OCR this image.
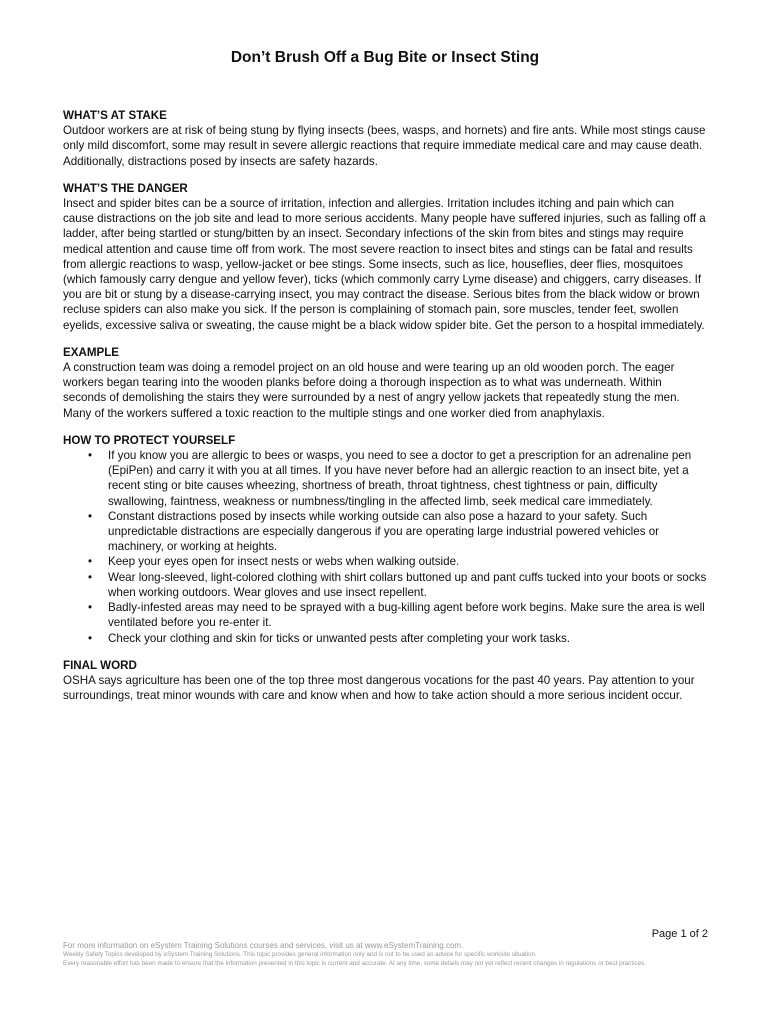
Don’t Brush Off a Bug Bite or Insect Sting
WHAT’S AT STAKE

Outdoor workers are at risk of being stung by flying insects (bees, wasps, and hornets) and fire ants. While most stings cause only mild discomfort, some may result in severe allergic reactions that require immediate medical care and may cause death. Additionally, distractions posed by insects are safety hazards.

WHAT’S THE DANGER

Insect and spider bites can be a source of irritation, infection and allergies. Irritation includes itching and pain which can cause distractions on the job site and lead to more serious accidents. Many people have suffered injuries, such as falling off a ladder, after being startled or stung/bitten by an insect. Secondary infections of the skin from bites and stings may require medical attention and cause time off from work. The most severe reaction to insect bites and stings can be fatal and results from allergic reactions to wasp, yellow-jacket or bee stings. Some insects, such as lice, houseflies, deer flies, mosquitoes (which famously carry dengue and yellow fever), ticks (which commonly carry Lyme disease) and chiggers, carry diseases. If you are bit or stung by a disease-carrying insect, you may contract the disease. Serious bites from the black widow or brown recluse spiders can also make you sick. If the person is complaining of stomach pain, sore muscles, tender feet, swollen eyelids, excessive saliva or sweating, the cause might be a black widow spider bite. Get the person to a hospital immediately.

EXAMPLE

A construction team was doing a remodel project on an old house and were tearing up an old wooden porch. The eager workers began tearing into the wooden planks before doing a thorough inspection as to what was underneath. Within seconds of demolishing the stairs they were surrounded by a nest of angry yellow jackets that repeatedly stung the men. Many of the workers suffered a toxic reaction to the multiple stings and one worker died from anaphylaxis.

HOW TO PROTECT YOURSELF
• If you know you are allergic to bees or wasps, you need to see a doctor to get a prescription for an adrenaline pen (EpiPen) and carry it with you at all times. If you have never before had an allergic reaction to an insect bite, yet a recent sting or bite causes wheezing, shortness of breath, throat tightness, chest tightness or pain, difficulty swallowing, faintness, weakness or numbness/tingling in the affected limb, seek medical care immediately.
• Constant distractions posed by insects while working outside can also pose a hazard to your safety. Such unpredictable distractions are especially dangerous if you are operating large industrial powered vehicles or machinery, or working at heights.
• Keep your eyes open for insect nests or webs when walking outside.
• Wear long-sleeved, light-colored clothing with shirt collars buttoned up and pant cuffs tucked into your boots or socks when working outdoors. Wear gloves and use insect repellent.
• Badly-infested areas may need to be sprayed with a bug-killing agent before work begins. Make sure the area is well ventilated before you re-enter it.
• Check your clothing and skin for ticks or unwanted pests after completing your work tasks.
FINAL WORD

OSHA says agriculture has been one of the top three most dangerous vocations for the past 40 years. Pay attention to your surroundings, treat minor wounds with care and know when and how to take action should a more serious incident occur.

Page 1 of 2
For more information on eSystem Training Solutions courses and services, visit us at www.eSystemTraining.com.
Weekly Safety Topics developed by eSystem Training Solutions. This topic provides general information only and is not to be used as advice for specific worksite situation.
Every reasonable effort has been made to ensure that the information presented in this topic is current and accurate. At any time, some details may not yet reflect recent changes in regulations or best practices.
